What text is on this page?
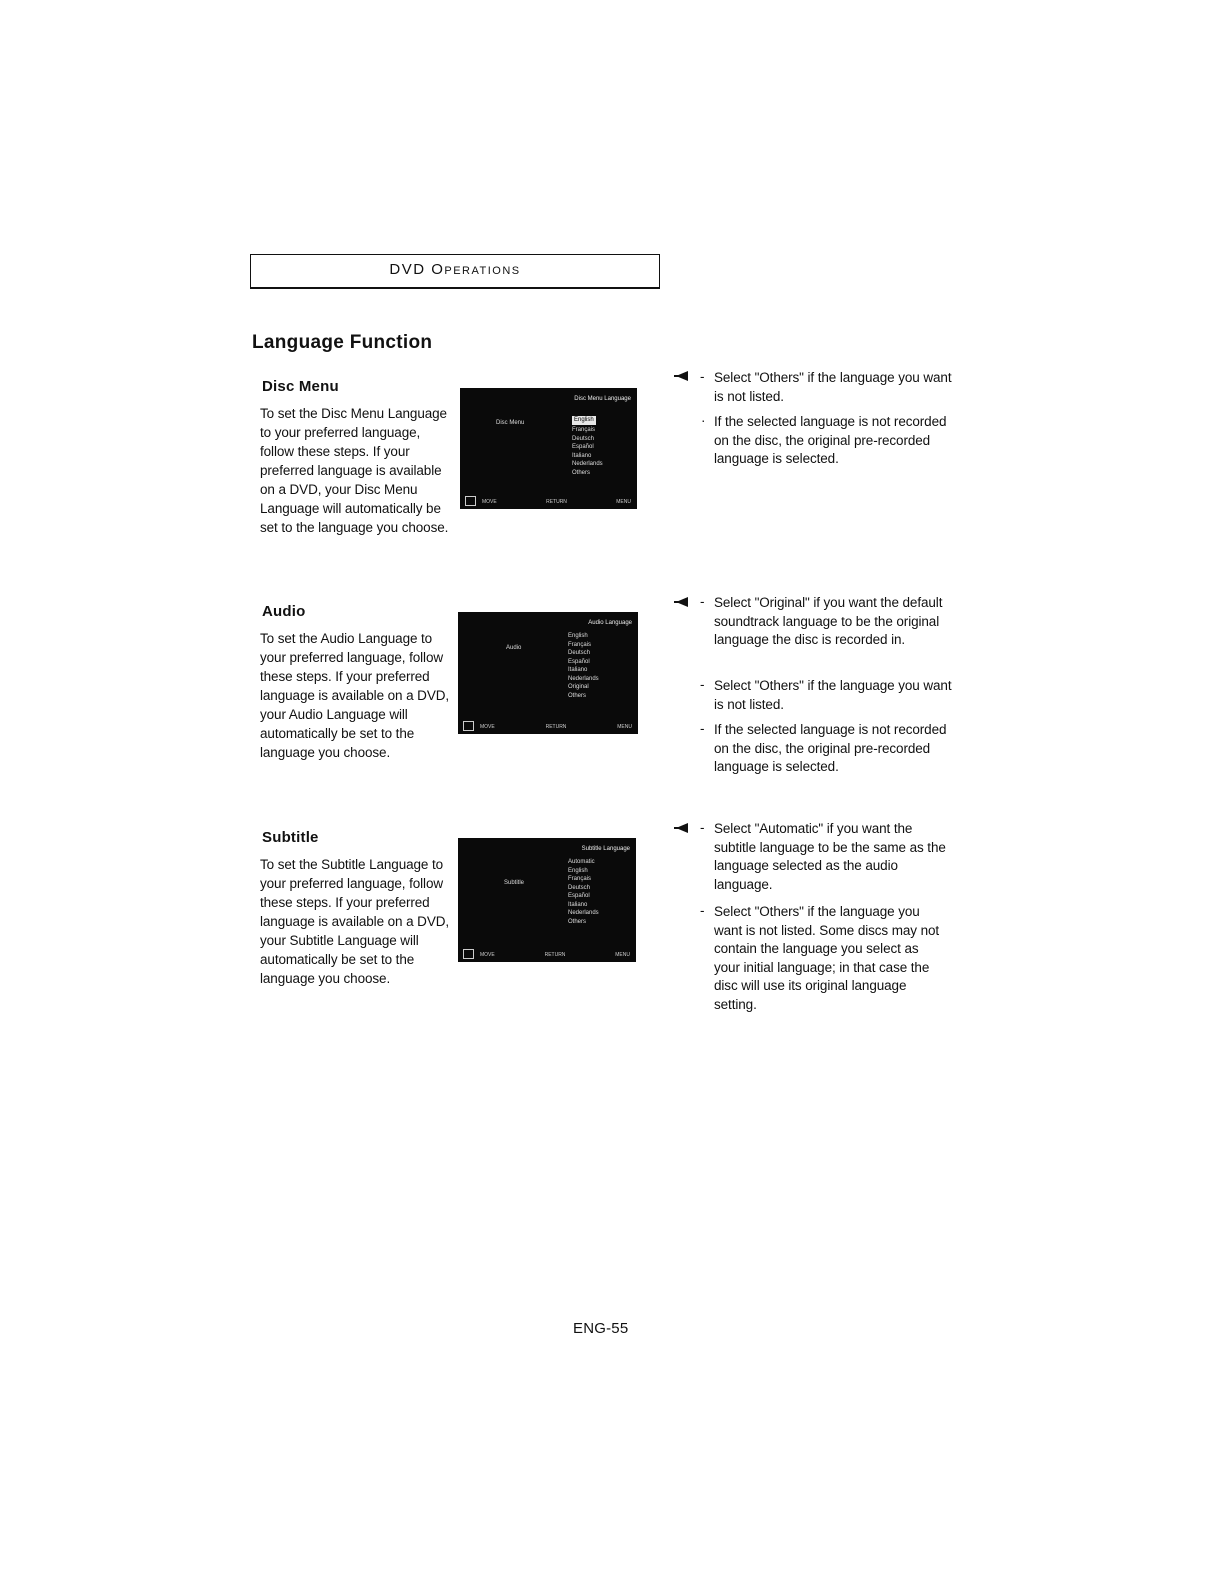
DVD Operations
Language Function
Disc Menu
To set the Disc Menu Language to your preferred language, follow these steps. If your preferred language is available on a DVD, your Disc Menu Language will automatically be set to the language you choose.
Disc Menu Language
Disc Menu	English
Français
Deutsch
Español
Italiano
Nederlands
Others
MOVE	RETURN	MENU
- Select "Others" if the language you want is not listed.
· If the selected language is not recorded on the disc, the original pre-recorded language is selected.
Audio
To set the Audio Language to your preferred language, follow these steps. If your preferred language is available on a DVD, your Audio Language will automatically be set to the language you choose.
Audio Language
Audio
English
Français
Deutsch
Español
Italiano
Nederlands
Original
Others
MOVE	RETURN	MENU
- Select "Original" if you want the default soundtrack language to be the original language the disc is recorded in.
- Select "Others" if the language you want is not listed.
- If the selected language is not recorded on the disc, the original pre-recorded language is selected.
Subtitle
To set the Subtitle Language to your preferred language, follow these steps. If your preferred language is available on a DVD, your Subtitle Language will automatically be set to the language you choose.
Subtitle Language
Subtitle
Automatic
English
Français
Deutsch
Español
Italiano
Nederlands
Others
MOVE	RETURN	MENU
- Select "Automatic" if you want the subtitle language to be the same as the language selected as the audio language.
- Select "Others" if the language you want is not listed. Some discs may not contain the language you select as your initial language; in that case the disc will use its original language setting.
ENG-55
